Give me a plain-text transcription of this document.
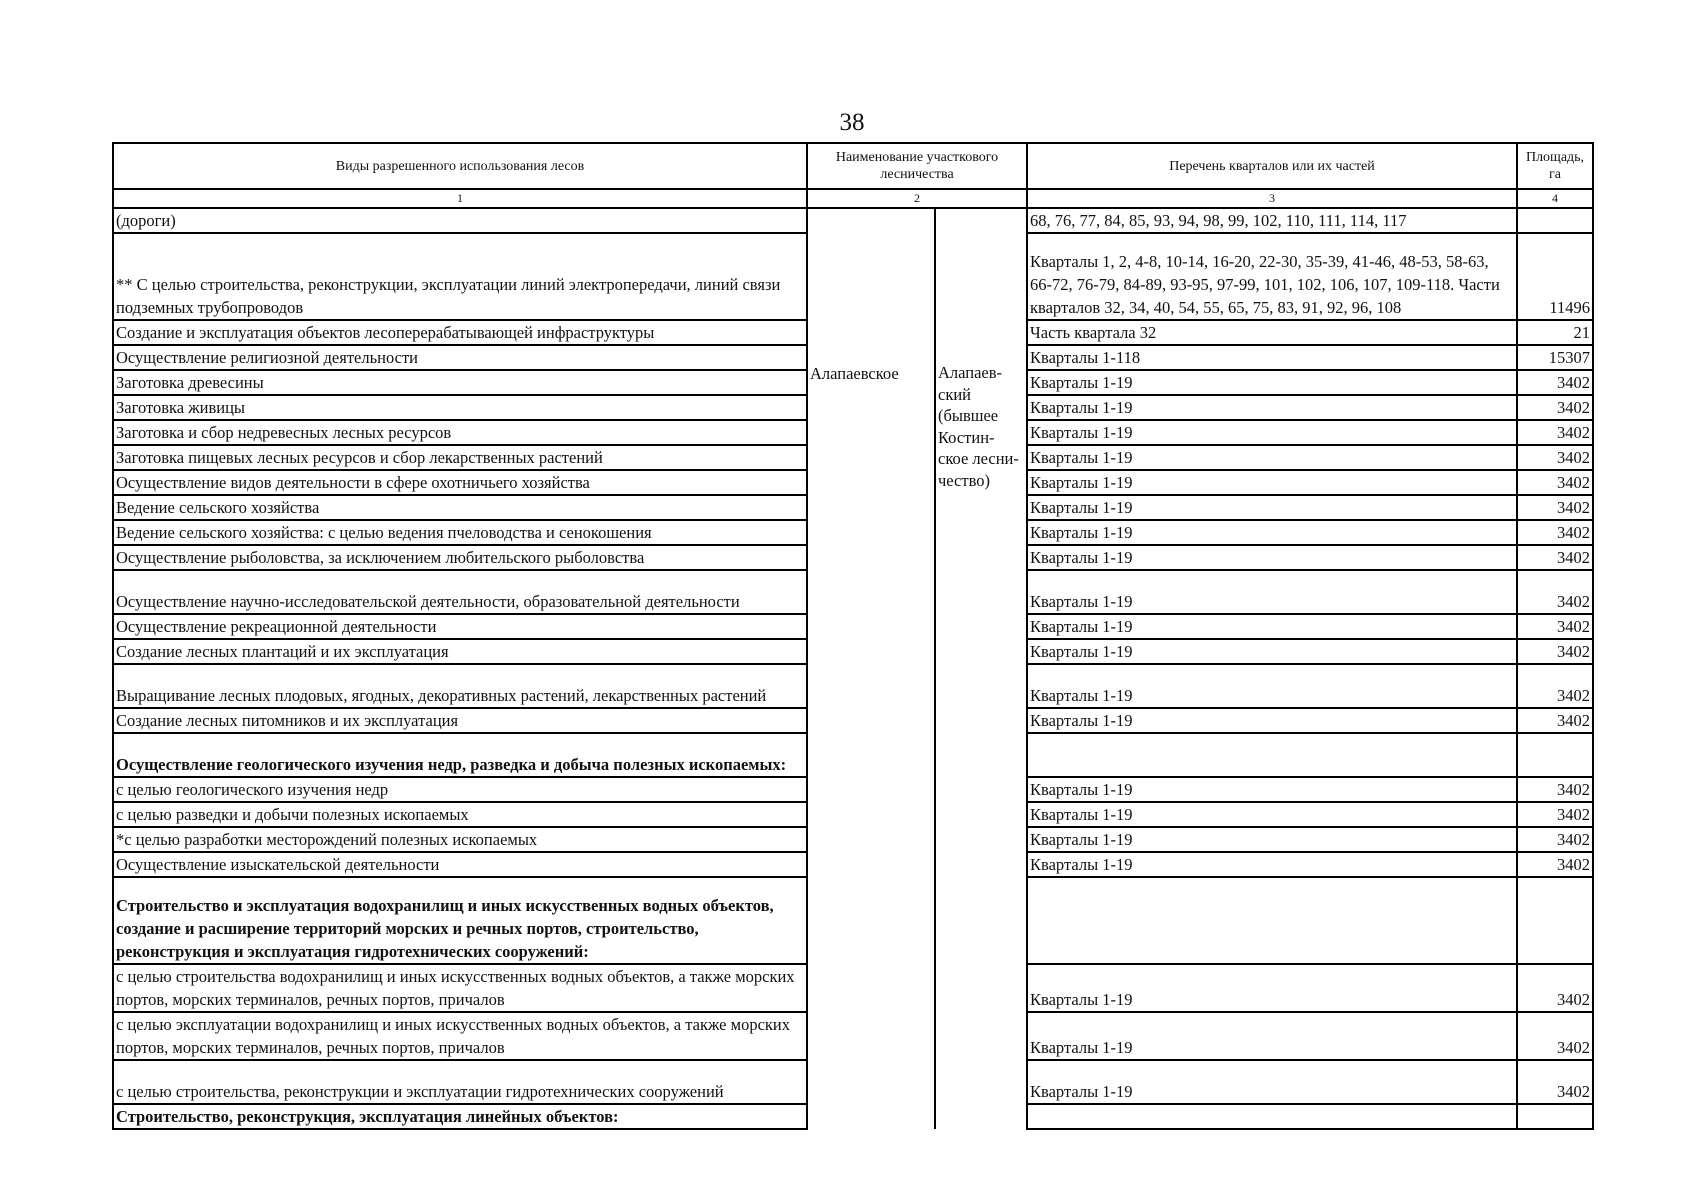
38
Виды разрешенного использования лесов	Наименование участкового лесничества		Перечень кварталов или их частей	Площадь, га
1	2		3	4
(дороги)	Алапаевское	Алапаев-ский (бывшее Костин-ское лесни-чество)	68, 76, 77, 84, 85, 93, 94, 98, 99, 102, 110, 111, 114, 117	
** С целью строительства, реконструкции, эксплуатации линий электропередачи, линий связи подземных трубопроводов			Кварталы 1, 2, 4-8, 10-14, 16-20, 22-30, 35-39, 41-46, 48-53, 58-63, 66-72, 76-79, 84-89, 93-95, 97-99, 101, 102, 106, 107, 109-118. Части кварталов 32, 34, 40, 54, 55, 65, 75, 83, 91, 92, 96, 108	11496
Создание и эксплуатация объектов лесоперерабатывающей инфраструктуры			Часть квартала 32	21
Осуществление религиозной деятельности			Кварталы 1-118	15307
Заготовка древесины			Кварталы 1-19	3402
Заготовка живицы			Кварталы 1-19	3402
Заготовка и сбор недревесных лесных ресурсов			Кварталы 1-19	3402
Заготовка пищевых лесных ресурсов и сбор лекарственных растений			Кварталы 1-19	3402
Осуществление видов деятельности в сфере охотничьего хозяйства			Кварталы 1-19	3402
Ведение сельского хозяйства			Кварталы 1-19	3402
Ведение сельского хозяйства: с целью ведения пчеловодства и сенокошения			Кварталы 1-19	3402
Осуществление рыболовства, за исключением любительского рыболовства			Кварталы 1-19	3402
Осуществление научно-исследовательской деятельности, образовательной деятельности			Кварталы 1-19	3402
Осуществление рекреационной деятельности			Кварталы 1-19	3402
Создание лесных плантаций и их эксплуатация			Кварталы 1-19	3402
Выращивание лесных плодовых, ягодных, декоративных растений, лекарственных растений			Кварталы 1-19	3402
Создание лесных питомников и их эксплуатация			Кварталы 1-19	3402
Осуществление геологического изучения недр, разведка и добыча полезных ископаемых:				
с целью геологического изучения недр			Кварталы 1-19	3402
с целью разведки и добычи полезных ископаемых			Кварталы 1-19	3402
*с целью разработки месторождений полезных ископаемых			Кварталы 1-19	3402
Осуществление изыскательской деятельности			Кварталы 1-19	3402
Строительство и эксплуатация водохранилищ и иных искусственных водных объектов, создание и расширение территорий морских и речных портов, строительство, реконструкция и эксплуатация гидротехнических сооружений:				
с целью строительства водохранилищ и иных искусственных водных объектов, а также морских портов, морских терминалов, речных портов, причалов			Кварталы 1-19	3402
с целью эксплуатации водохранилищ и иных искусственных водных объектов, а также морских портов, морских терминалов, речных портов, причалов			Кварталы 1-19	3402
с целью строительства, реконструкции и эксплуатации гидротехнических сооружений			Кварталы 1-19	3402
Строительство, реконструкция, эксплуатация линейных объектов:				
